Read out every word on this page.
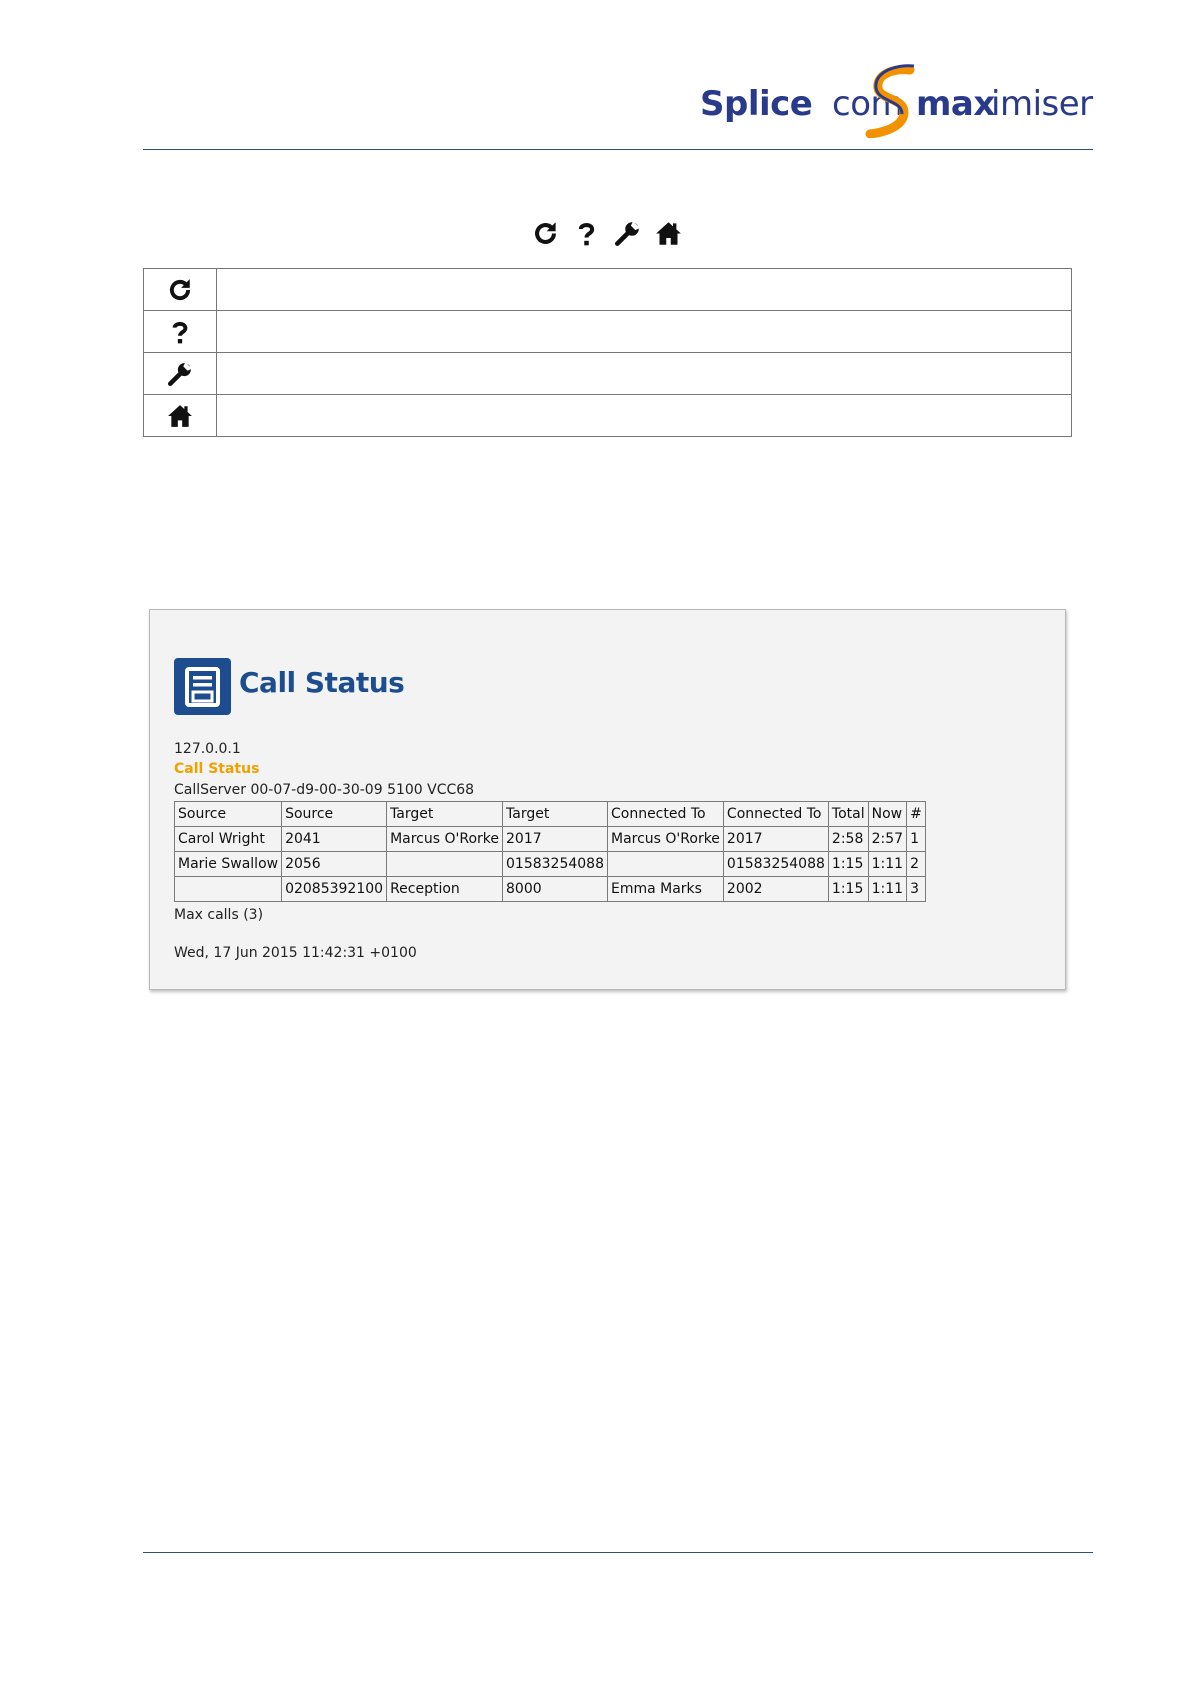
Splice com max
imiser

Call Status
127.0.0.1
Call Status
CallServer 00-07-d9-00-30-09 5100 VCC68
Source	Source	Target	Target	Connected To	Connected To	Total	Now	#
Carol Wright	2041	Marcus O'Rorke	2017	Marcus O'Rorke	2017	2:58	2:57	1
Marie Swallow	2056		01583254088		01583254088	1:15	1:11	2
	02085392100	Reception	8000	Emma Marks	2002	1:15	1:11	3
Max calls (3)
Wed, 17 Jun 2015 11:42:31 +0100
